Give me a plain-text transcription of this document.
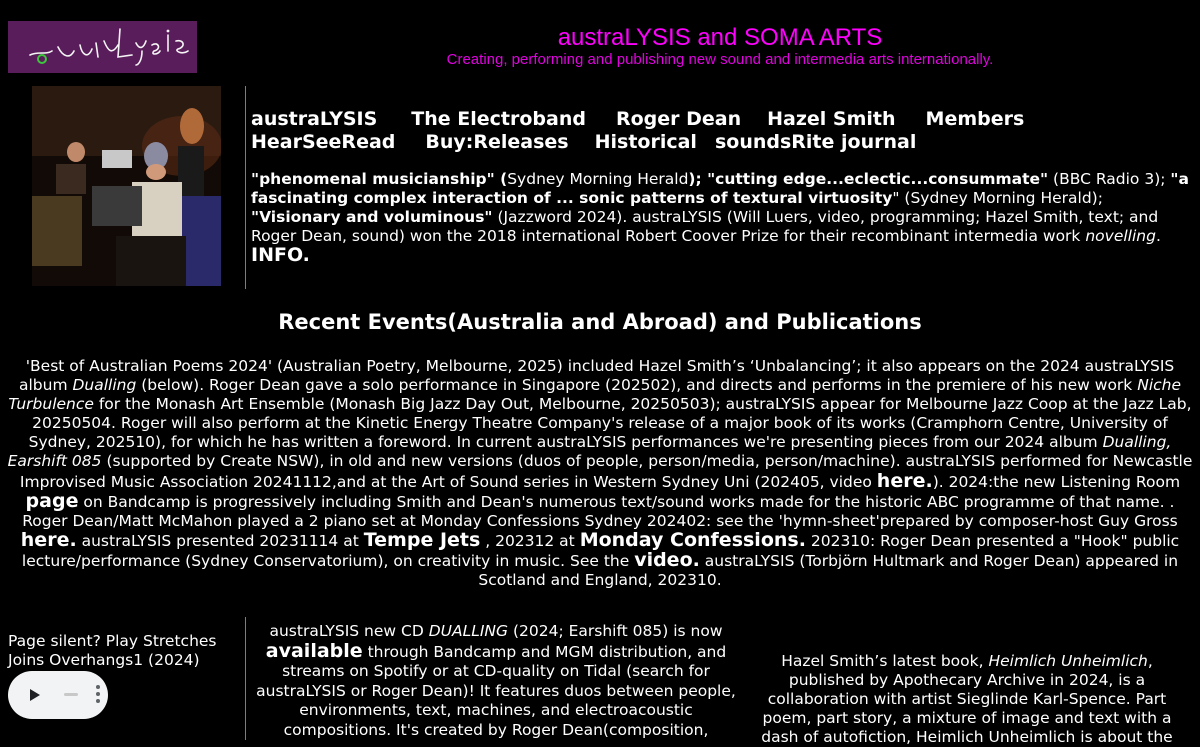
austraLYSIS and SOMA ARTS
Creating, performing and publishing new sound and intermedia arts internationally.
austraLYSIS The Electroband Roger Dean Hazel Smith Members
HearSeeRead Buy:Releases Historical soundsRite journal
"phenomenal musicianship" (Sydney Morning Herald); "cutting edge...eclectic...consummate" (BBC Radio 3); "a fascinating complex interaction of ... sonic patterns of textural virtuosity" (Sydney Morning Herald); "Visionary and voluminous" (Jazzword 2024). austraLYSIS (Will Luers, video, programming; Hazel Smith, text; and Roger Dean, sound) won the 2018 international Robert Coover Prize for their recombinant intermedia work novelling. INFO.
Recent Events(Australia and Abroad) and Publications
'Best of Australian Poems 2024' (Australian Poetry, Melbourne, 2025) included Hazel Smith’s ‘Unbalancing’; it also appears on the 2024 austraLYSIS album Dualling (below). Roger Dean gave a solo performance in Singapore (202502), and directs and performs in the premiere of his new work Niche Turbulence for the Monash Art Ensemble (Monash Big Jazz Day Out, Melbourne, 20250503); austraLYSIS appear for Melbourne Jazz Coop at the Jazz Lab, 20250504. Roger will also perform at the Kinetic Energy Theatre Company's release of a major book of its works (Cramphorn Centre, University of Sydney, 202510), for which he has written a foreword. In current austraLYSIS performances we're presenting pieces from our 2024 album Dualling, Earshift 085 (supported by Create NSW), in old and new versions (duos of people, person/media, person/machine). austraLYSIS performed for Newcastle Improvised Music Association 20241112,and at the Art of Sound series in Western Sydney Uni (202405, video here.). 2024:the new Listening Room page on Bandcamp is progressively including Smith and Dean's numerous text/sound works made for the historic ABC programme of that name. . Roger Dean/Matt McMahon played a 2 piano set at Monday Confessions Sydney 202402: see the 'hymn-sheet'prepared by composer-host Guy Gross here. austraLYSIS presented 20231114 at Tempe Jets , 202312 at Monday Confessions. 202310: Roger Dean presented a "Hook" public lecture/performance (Sydney Conservatorium), on creativity in music. See the video. austraLYSIS (Torbjörn Hultmark and Roger Dean) appeared in Scotland and England, 202310.
Page silent? Play Stretches Joins Overhangs1 (2024)
austraLYSIS new CD DUALLING (2024; Earshift 085) is now available through Bandcamp and MGM distribution, and streams on Spotify or at CD-quality on Tidal (search for austraLYSIS or Roger Dean)! It features duos between people, environments, text, machines, and electroacoustic compositions. It's created by Roger Dean(composition,
Hazel Smith’s latest book, Heimlich Unheimlich, published by Apothecary Archive in 2024, is a collaboration with artist Sieglinde Karl-Spence. Part poem, part story, a mixture of image and text with a dash of autofiction, Heimlich Unheimlich is about the
